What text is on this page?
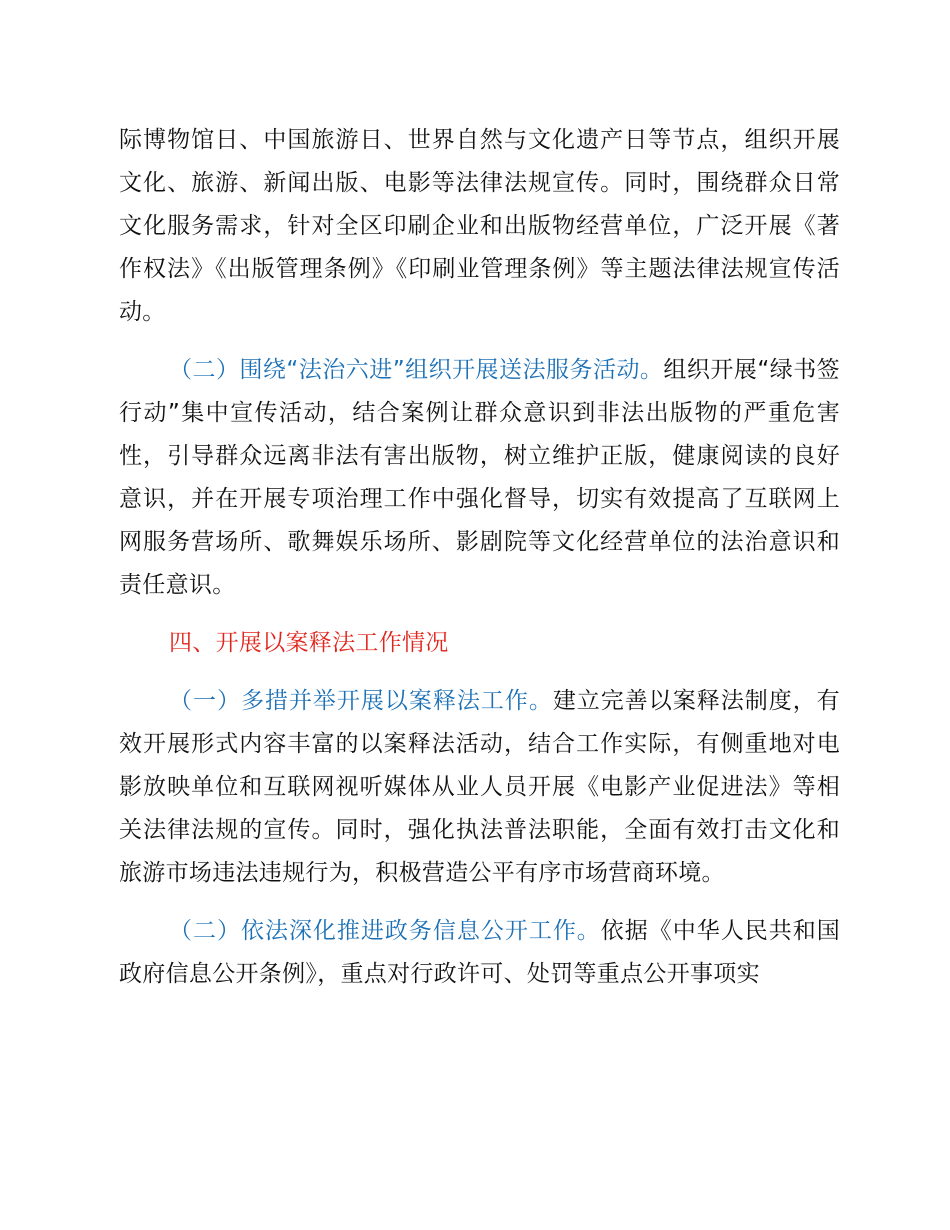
际博物馆日、中国旅游日、世界自然与文化遗产日等节点，组织开展文化、旅游、新闻出版、电影等法律法规宣传。同时，围绕群众日常文化服务需求，针对全区印刷企业和出版物经营单位，广泛开展《著作权法》《出版管理条例》《印刷业管理条例》等主题法律法规宣传活动。

（二）围绕“法治六进”组织开展送法服务活动。组织开展“绿书签行动”集中宣传活动，结合案例让群众意识到非法出版物的严重危害性，引导群众远离非法有害出版物，树立维护正版，健康阅读的良好意识，并在开展专项治理工作中强化督导，切实有效提高了互联网上网服务营场所、歌舞娱乐场所、影剧院等文化经营单位的法治意识和责任意识。

四、开展以案释法工作情况

（一）多措并举开展以案释法工作。建立完善以案释法制度，有效开展形式内容丰富的以案释法活动，结合工作实际，有侧重地对电影放映单位和互联网视听媒体从业人员开展《电影产业促进法》等相关法律法规的宣传。同时，强化执法普法职能，全面有效打击文化和旅游市场违法违规行为，积极营造公平有序市场营商环境。

（二）依法深化推进政务信息公开工作。依据《中华人民共和国政府信息公开条例》，重点对行政许可、处罚等重点公开事项实
